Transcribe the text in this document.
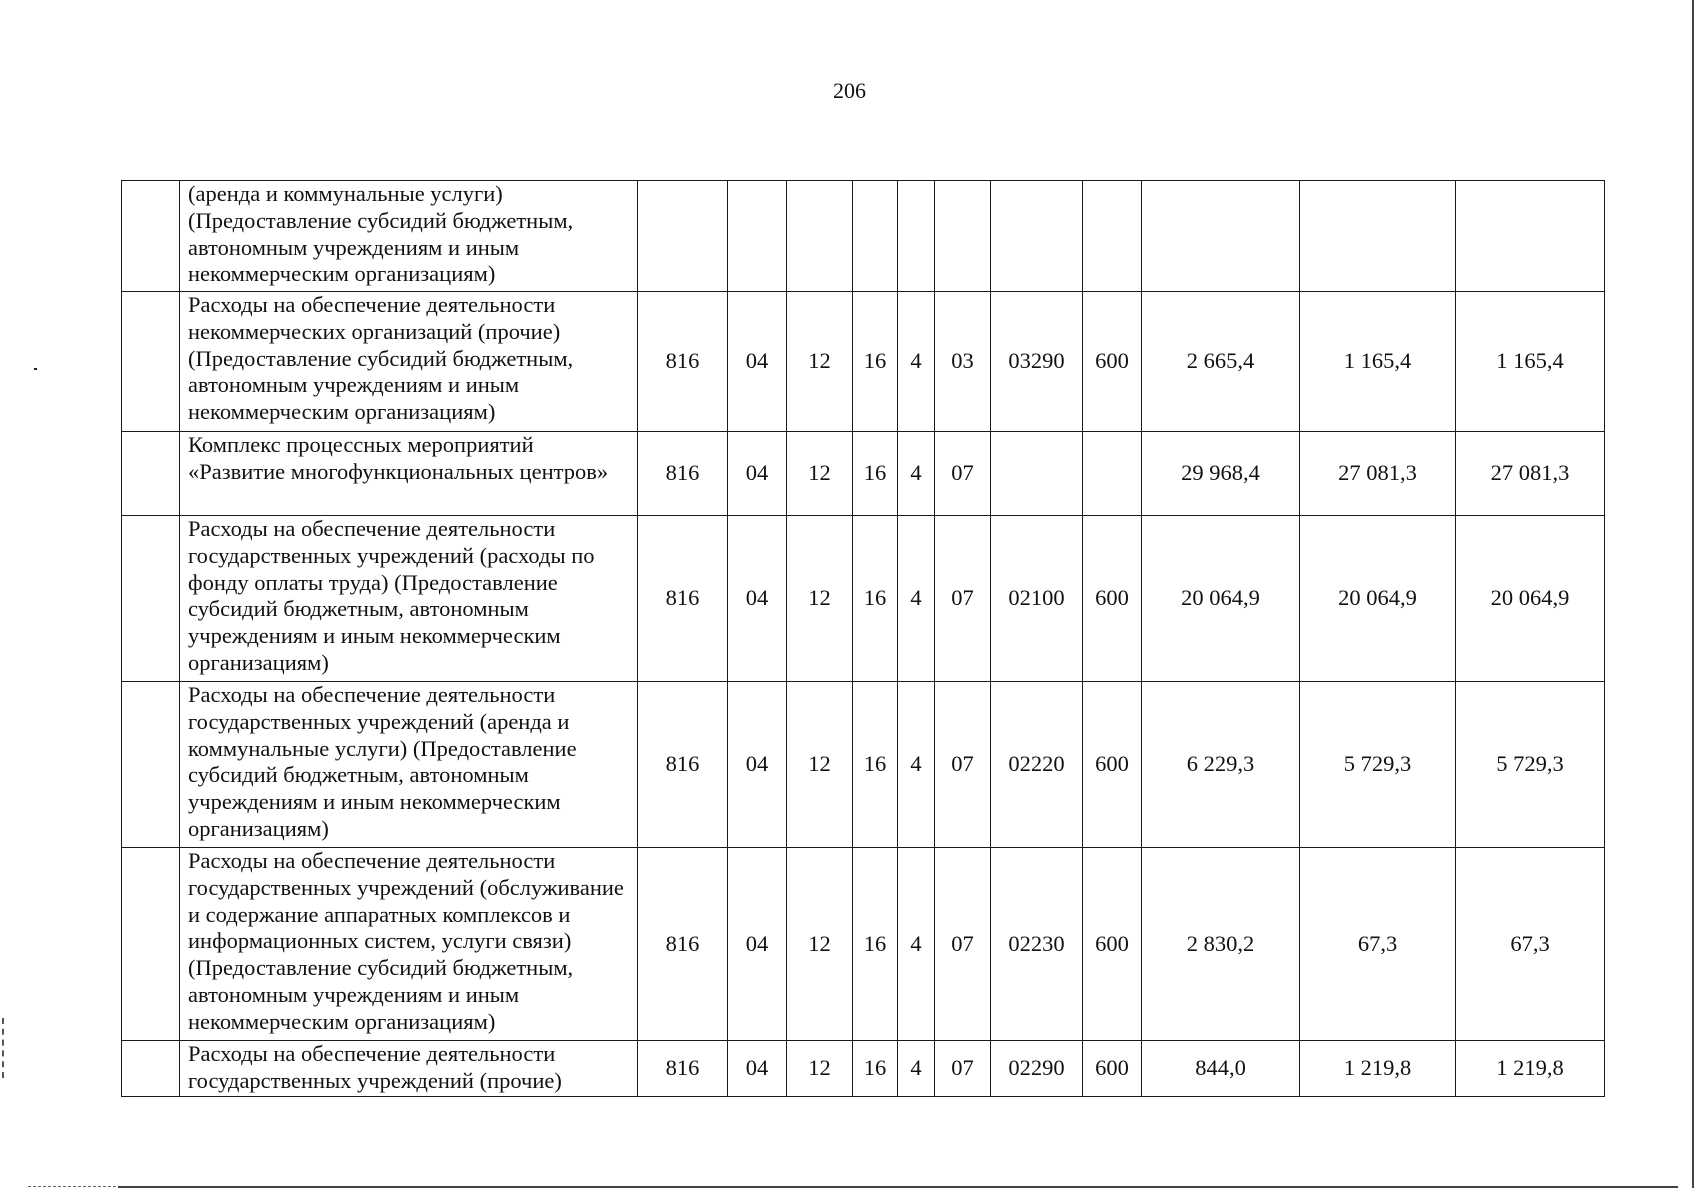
206
	(аренда и коммунальные услуги) (Предоставление субсидий бюджетным, автономным учреждениям и иным некоммерческим организациям)											
	Расходы на обеспечение деятельности некоммерческих организаций (прочие) (Предоставление субсидий бюджетным, автономным учреждениям и иным некоммерческим организациям)	816	04	12	16	4	03	03290	600	2 665,4	1 165,4	1 165,4
	Комплекс процессных мероприятий «Развитие многофункциональных центров»	816	04	12	16	4	07			29 968,4	27 081,3	27 081,3
	Расходы на обеспечение деятельности государственных учреждений (расходы по фонду оплаты труда) (Предоставление субсидий бюджетным, автономным учреждениям и иным некоммерческим организациям)	816	04	12	16	4	07	02100	600	20 064,9	20 064,9	20 064,9
	Расходы на обеспечение деятельности государственных учреждений (аренда и коммунальные услуги) (Предоставление субсидий бюджетным, автономным учреждениям и иным некоммерческим организациям)	816	04	12	16	4	07	02220	600	6 229,3	5 729,3	5 729,3
	Расходы на обеспечение деятельности государственных учреждений (обслуживание и содержание аппаратных комплексов и информационных систем, услуги связи) (Предоставление субсидий бюджетным, автономным учреждениям и иным некоммерческим организациям)	816	04	12	16	4	07	02230	600	2 830,2	67,3	67,3
	Расходы на обеспечение деятельности государственных учреждений (прочие)	816	04	12	16	4	07	02290	600	844,0	1 219,8	1 219,8
